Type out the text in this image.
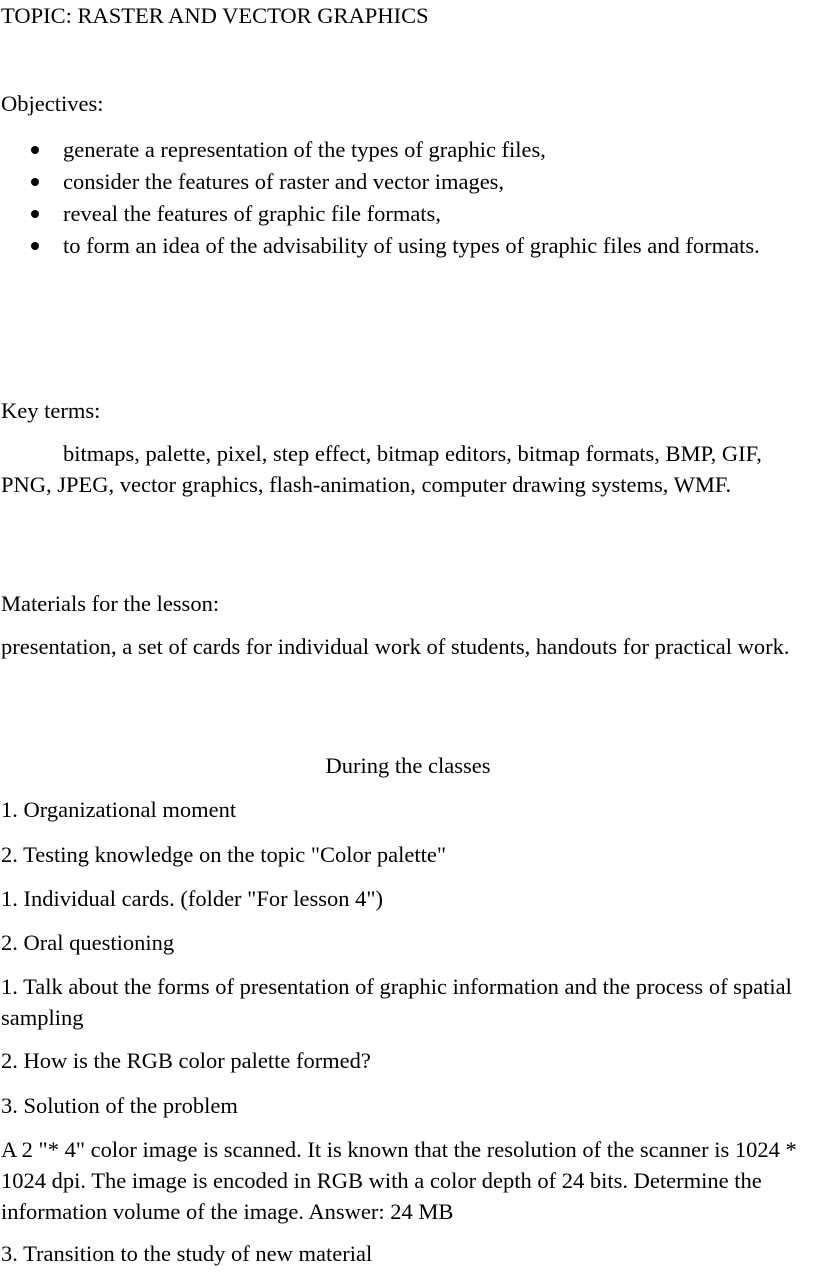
TOPIC: RASTER AND VECTOR GRAPHICS
Objectives:
generate a representation of the types of graphic files,
consider the features of raster and vector images,
reveal the features of graphic file formats,
to form an idea of the advisability of using types of graphic files and formats.
Key terms:
bitmaps, palette, pixel, step effect, bitmap editors, bitmap formats, BMP, GIF, PNG, JPEG, vector graphics, flash-animation, computer drawing systems, WMF.
Materials for the lesson:
presentation, a set of cards for individual work of students, handouts for practical work.
During the classes
1. Organizational moment
2. Testing knowledge on the topic "Color palette"
1. Individual cards. (folder "For lesson 4")
2. Oral questioning
1. Talk about the forms of presentation of graphic information and the process of spatial sampling
2. How is the RGB color palette formed?
3. Solution of the problem
A 2 "* 4" color image is scanned. It is known that the resolution of the scanner is 1024 * 1024 dpi. The image is encoded in RGB with a color depth of 24 bits. Determine the information volume of the image. Answer: 24 MB
3. Transition to the study of new material
